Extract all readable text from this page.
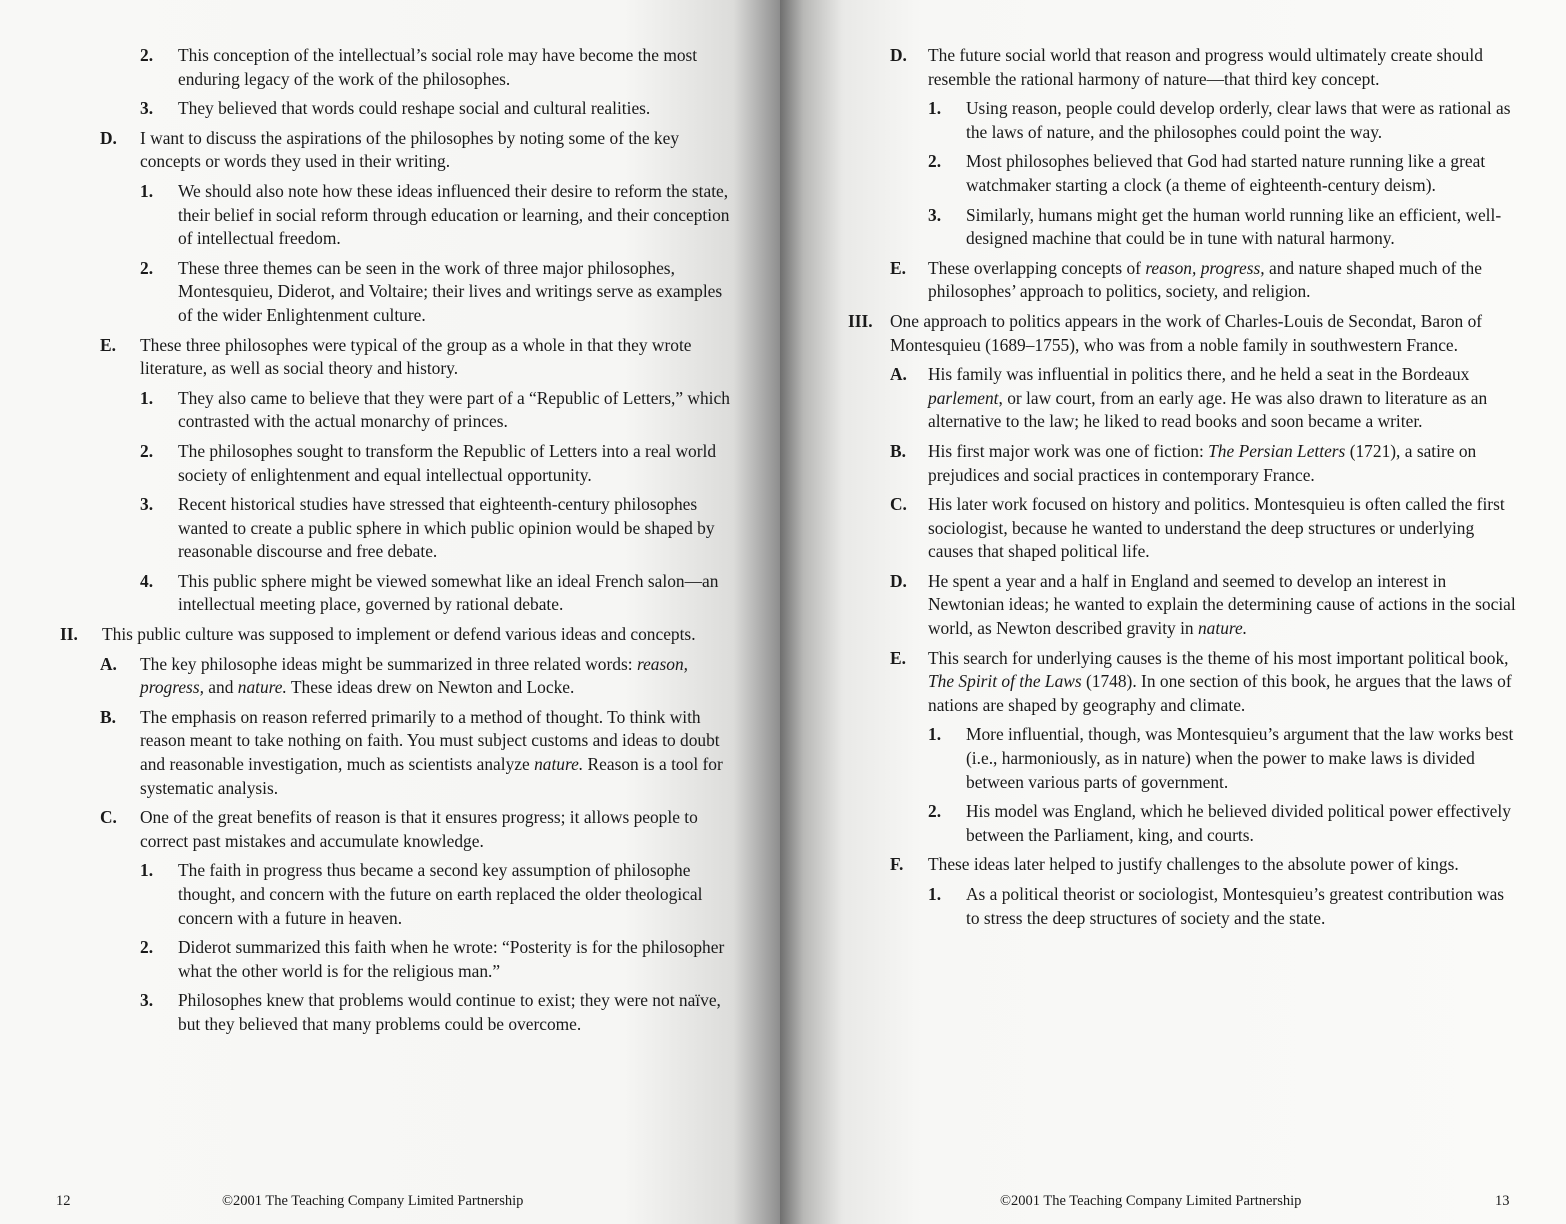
2. This conception of the intellectual’s social role may have become the most enduring legacy of the work of the philosophes.
3. They believed that words could reshape social and cultural realities.
D. I want to discuss the aspirations of the philosophes by noting some of the key concepts or words they used in their writing.
1. We should also note how these ideas influenced their desire to reform the state, their belief in social reform through education or learning, and their conception of intellectual freedom.
2. These three themes can be seen in the work of three major philosophes, Montesquieu, Diderot, and Voltaire; their lives and writings serve as examples of the wider Enlightenment culture.
E. These three philosophes were typical of the group as a whole in that they wrote literature, as well as social theory and history.
1. They also came to believe that they were part of a “Republic of Letters,” which contrasted with the actual monarchy of princes.
2. The philosophes sought to transform the Republic of Letters into a real world society of enlightenment and equal intellectual opportunity.
3. Recent historical studies have stressed that eighteenth-century philosophes wanted to create a public sphere in which public opinion would be shaped by reasonable discourse and free debate.
4. This public sphere might be viewed somewhat like an ideal French salon—an intellectual meeting place, governed by rational debate.
II. This public culture was supposed to implement or defend various ideas and concepts.
A. The key philosophe ideas might be summarized in three related words: reason, progress, and nature. These ideas drew on Newton and Locke.
B. The emphasis on reason referred primarily to a method of thought. To think with reason meant to take nothing on faith. You must subject customs and ideas to doubt and reasonable investigation, much as scientists analyze nature. Reason is a tool for systematic analysis.
C. One of the great benefits of reason is that it ensures progress; it allows people to correct past mistakes and accumulate knowledge.
1. The faith in progress thus became a second key assumption of philosophe thought, and concern with the future on earth replaced the older theological concern with a future in heaven.
2. Diderot summarized this faith when he wrote: “Posterity is for the philosopher what the other world is for the religious man.”
3. Philosophes knew that problems would continue to exist; they were not naïve, but they believed that many problems could be overcome.
12	©2001 The Teaching Company Limited Partnership
D. The future social world that reason and progress would ultimately create should resemble the rational harmony of nature—that third key concept.
1. Using reason, people could develop orderly, clear laws that were as rational as the laws of nature, and the philosophes could point the way.
2. Most philosophes believed that God had started nature running like a great watchmaker starting a clock (a theme of eighteenth-century deism).
3. Similarly, humans might get the human world running like an efficient, well-designed machine that could be in tune with natural harmony.
E. These overlapping concepts of reason, progress, and nature shaped much of the philosophes’ approach to politics, society, and religion.
III. One approach to politics appears in the work of Charles-Louis de Secondat, Baron of Montesquieu (1689–1755), who was from a noble family in southwestern France.
A. His family was influential in politics there, and he held a seat in the Bordeaux parlement, or law court, from an early age. He was also drawn to literature as an alternative to the law; he liked to read books and soon became a writer.
B. His first major work was one of fiction: The Persian Letters (1721), a satire on prejudices and social practices in contemporary France.
C. His later work focused on history and politics. Montesquieu is often called the first sociologist, because he wanted to understand the deep structures or underlying causes that shaped political life.
D. He spent a year and a half in England and seemed to develop an interest in Newtonian ideas; he wanted to explain the determining cause of actions in the social world, as Newton described gravity in nature.
E. This search for underlying causes is the theme of his most important political book, The Spirit of the Laws (1748). In one section of this book, he argues that the laws of nations are shaped by geography and climate.
1. More influential, though, was Montesquieu’s argument that the law works best (i.e., harmoniously, as in nature) when the power to make laws is divided between various parts of government.
2. His model was England, which he believed divided political power effectively between the Parliament, king, and courts.
F. These ideas later helped to justify challenges to the absolute power of kings.
1. As a political theorist or sociologist, Montesquieu’s greatest contribution was to stress the deep structures of society and the state.
©2001 The Teaching Company Limited Partnership	13
